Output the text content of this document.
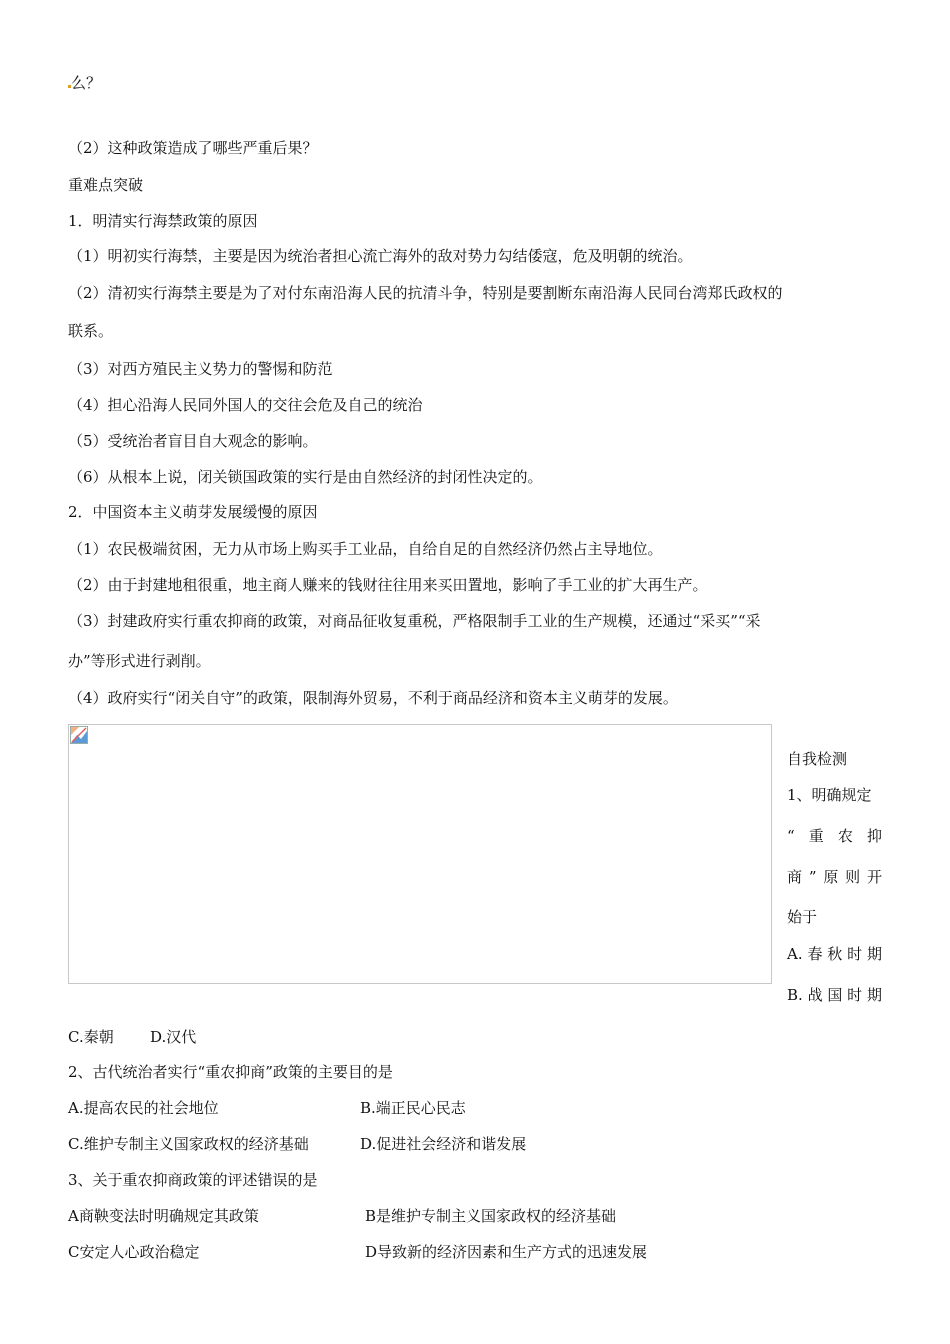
么？
（2）这种政策造成了哪些严重后果？
重难点突破
1．明清实行海禁政策的原因
（1）明初实行海禁，主要是因为统治者担心流亡海外的敌对势力勾结倭寇，危及明朝的统治。
（2）清初实行海禁主要是为了对付东南沿海人民的抗清斗争，特别是要割断东南沿海人民同台湾郑氏政权的
联系。
（3）对西方殖民主义势力的警惕和防范
（4）担心沿海人民同外国人的交往会危及自己的统治
（5）受统治者盲目自大观念的影响。
（6）从根本上说，闭关锁国政策的实行是由自然经济的封闭性决定的。
2．中国资本主义萌芽发展缓慢的原因
（1）农民极端贫困，无力从市场上购买手工业品，自给自足的自然经济仍然占主导地位。
（2）由于封建地租很重，地主商人赚来的钱财往往用来买田置地，影响了手工业的扩大再生产。
（3）封建政府实行重农抑商的政策，对商品征收复重税，严格限制手工业的生产规模，还通过“采买”“采
办”等形式进行剥削。
（4）政府实行“闭关自守”的政策，限制海外贸易，不利于商品经济和资本主义萌芽的发展。
自我检测
1、明确规定
“ 重 农 抑
商 ” 原 则 开
始于
A. 春 秋 时 期
B. 战 国 时 期
C.秦朝 D.汉代
2、古代统治者实行“重农抑商”政策的主要目的是
A.提高农民的社会地位	B.端正民心民志
C.维护专制主义国家政权的经济基础	D.促进社会经济和谐发展
3、关于重农抑商政策的评述错误的是
A商鞅变法时明确规定其政策	B是维护专制主义国家政权的经济基础
C安定人心政治稳定	D导致新的经济因素和生产方式的迅速发展
